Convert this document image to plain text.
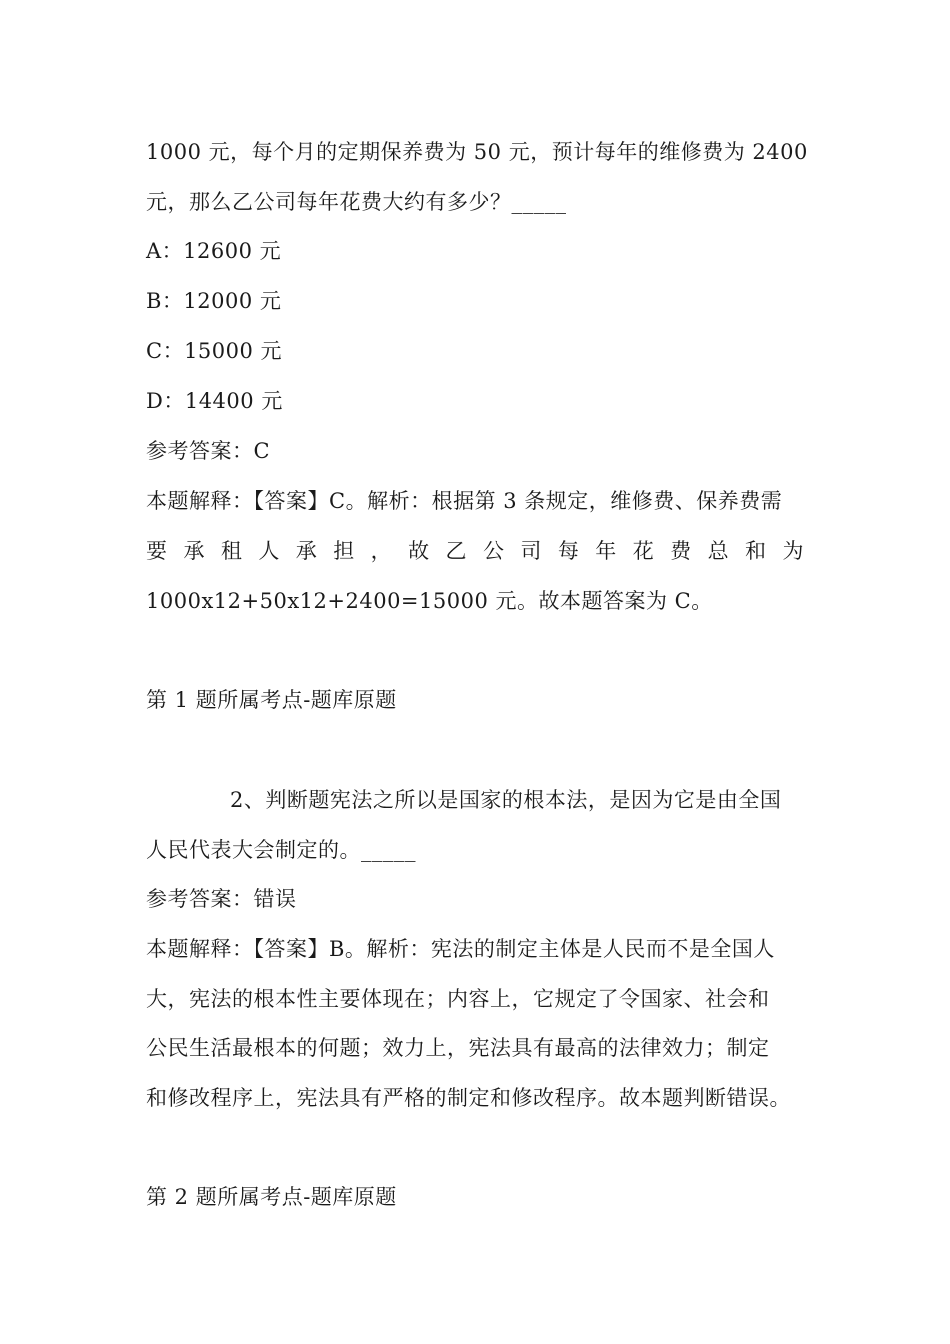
1000 元，每个月的定期保养费为 50 元，预计每年的维修费为 2400
元，那么乙公司每年花费大约有多少？_____
A：12600 元
B：12000 元
C：15000 元
D：14400 元
参考答案：C
本题解释：【答案】C。解析：根据第 3 条规定，维修费、保养费需
要 承 租 人 承 担 ， 故 乙 公 司 每 年 花 费 总 和 为
1000x12+50x12+2400=15000 元。故本题答案为 C。
第 1 题所属考点-题库原题
2、判断题宪法之所以是国家的根本法，是因为它是由全国
人民代表大会制定的。_____
参考答案：错误
本题解释：【答案】B。解析：宪法的制定主体是人民而不是全国人
大，宪法的根本性主要体现在；内容上，它规定了令国家、社会和
公民生活最根本的何题；效力上，宪法具有最高的法律效力；制定
和修改程序上，宪法具有严格的制定和修改程序。故本题判断错误。
第 2 题所属考点-题库原题
